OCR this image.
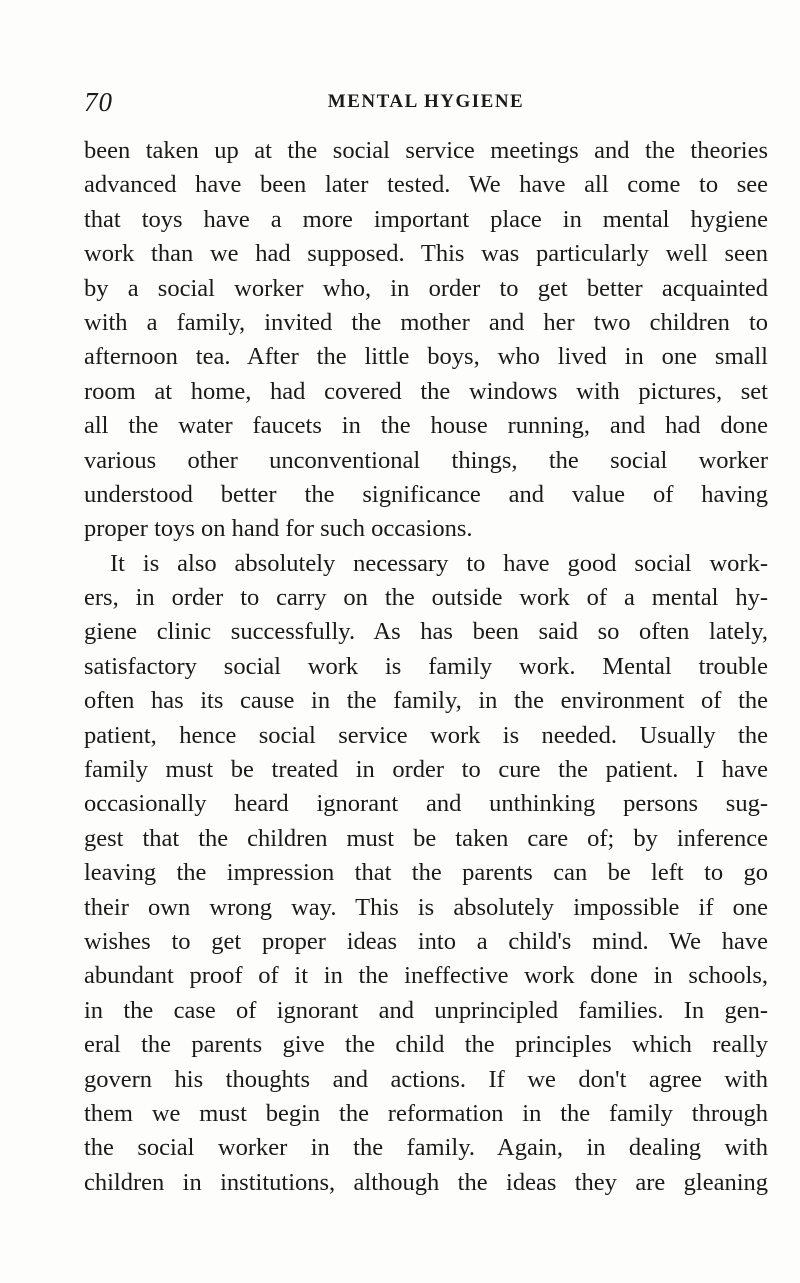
70	MENTAL HYGIENE
been taken up at the social service meetings and the theories
advanced have been later tested. We have all come to see
that toys have a more important place in mental hygiene
work than we had supposed. This was particularly well seen
by a social worker who, in order to get better acquainted
with a family, invited the mother and her two children to
afternoon tea. After the little boys, who lived in one small
room at home, had covered the windows with pictures, set
all the water faucets in the house running, and had done
various other unconventional things, the social worker
understood better the significance and value of having
proper toys on hand for such occasions.
It is also absolutely necessary to have good social work-
ers, in order to carry on the outside work of a mental hy-
giene clinic successfully. As has been said so often lately,
satisfactory social work is family work. Mental trouble
often has its cause in the family, in the environment of the
patient, hence social service work is needed. Usually the
family must be treated in order to cure the patient. I have
occasionally heard ignorant and unthinking persons sug-
gest that the children must be taken care of; by inference
leaving the impression that the parents can be left to go
their own wrong way. This is absolutely impossible if one
wishes to get proper ideas into a child's mind. We have
abundant proof of it in the ineffective work done in schools,
in the case of ignorant and unprincipled families. In gen-
eral the parents give the child the principles which really
govern his thoughts and actions. If we don't agree with
them we must begin the reformation in the family through
the social worker in the family. Again, in dealing with
children in institutions, although the ideas they are gleaning
